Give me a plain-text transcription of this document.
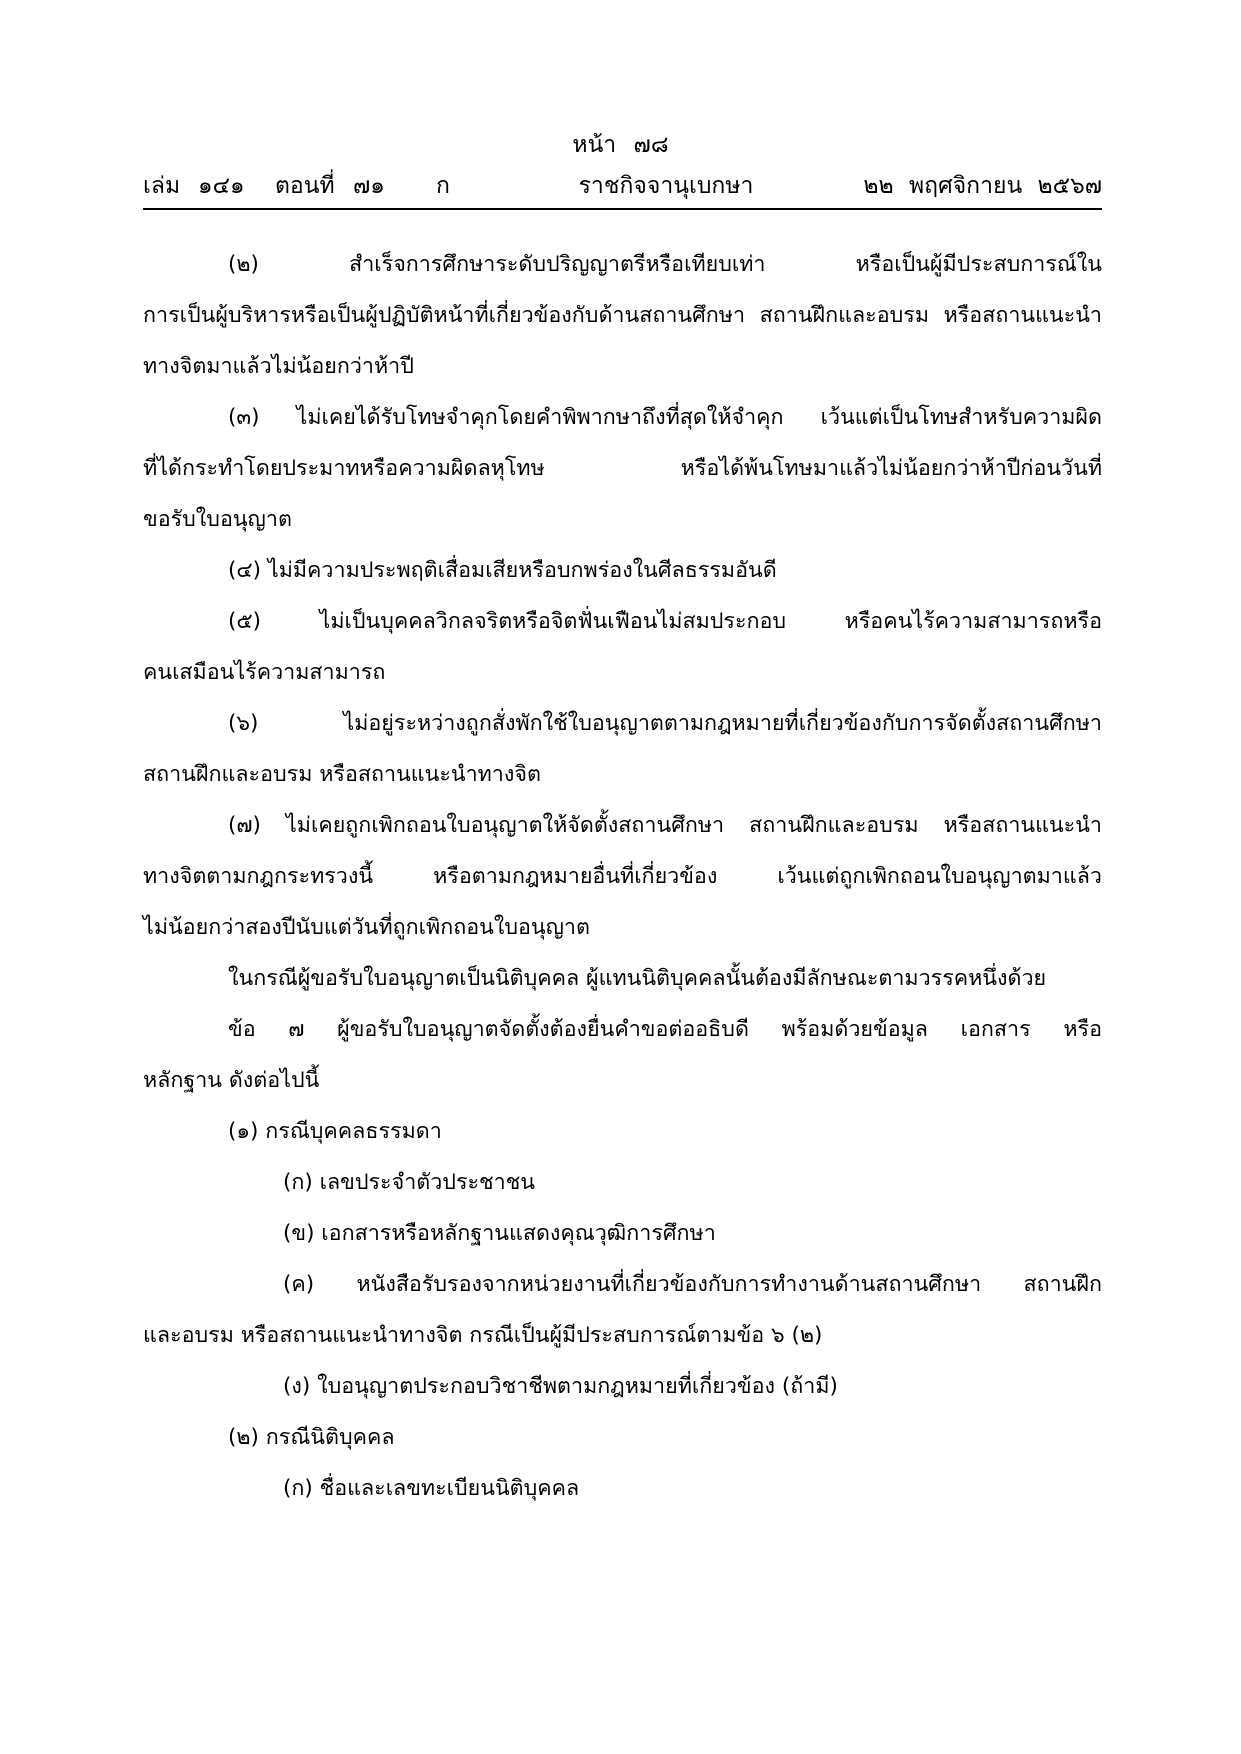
หน้า ๗๘
เล่ม ๑๔๑ ตอนที่ ๗๑ ก	ราชกิจจานุเบกษา	๒๒ พฤศจิกายน ๒๕๖๗

(๒) สำเร็จการศึกษาระดับปริญญาตรีหรือเทียบเท่า หรือเป็นผู้มีประสบการณ์ใน
การเป็นผู้บริหารหรือเป็นผู้ปฏิบัติหน้าที่เกี่ยวข้องกับด้านสถานศึกษา สถานฝึกและอบรม หรือสถานแนะนำ
ทางจิตมาแล้วไม่น้อยกว่าห้าปี

(๓) ไม่เคยได้รับโทษจำคุกโดยคำพิพากษาถึงที่สุดให้จำคุก เว้นแต่เป็นโทษสำหรับความผิด
ที่ได้กระทำโดยประมาทหรือความผิดลหุโทษ หรือได้พ้นโทษมาแล้วไม่น้อยกว่าห้าปีก่อนวันที่
ขอรับใบอนุญาต

(๔) ไม่มีความประพฤติเสื่อมเสียหรือบกพร่องในศีลธรรมอันดี

(๕) ไม่เป็นบุคคลวิกลจริตหรือจิตฟั่นเฟือนไม่สมประกอบ หรือคนไร้ความสามารถหรือ
คนเสมือนไร้ความสามารถ

(๖) ไม่อยู่ระหว่างถูกสั่งพักใช้ใบอนุญาตตามกฎหมายที่เกี่ยวข้องกับการจัดตั้งสถานศึกษา
สถานฝึกและอบรม หรือสถานแนะนำทางจิต

(๗) ไม่เคยถูกเพิกถอนใบอนุญาตให้จัดตั้งสถานศึกษา สถานฝึกและอบรม หรือสถานแนะนำ
ทางจิตตามกฎกระทรวงนี้ หรือตามกฎหมายอื่นที่เกี่ยวข้อง เว้นแต่ถูกเพิกถอนใบอนุญาตมาแล้ว
ไม่น้อยกว่าสองปีนับแต่วันที่ถูกเพิกถอนใบอนุญาต

ในกรณีผู้ขอรับใบอนุญาตเป็นนิติบุคคล ผู้แทนนิติบุคคลนั้นต้องมีลักษณะตามวรรคหนึ่งด้วย

ข้อ ๗ ผู้ขอรับใบอนุญาตจัดตั้งต้องยื่นคำขอต่ออธิบดี พร้อมด้วยข้อมูล เอกสาร หรือ
หลักฐาน ดังต่อไปนี้

(๑) กรณีบุคคลธรรมดา

(ก) เลขประจำตัวประชาชน

(ข) เอกสารหรือหลักฐานแสดงคุณวุฒิการศึกษา

(ค) หนังสือรับรองจากหน่วยงานที่เกี่ยวข้องกับการทำงานด้านสถานศึกษา สถานฝึก
และอบรม หรือสถานแนะนำทางจิต กรณีเป็นผู้มีประสบการณ์ตามข้อ ๖ (๒)

(ง) ใบอนุญาตประกอบวิชาชีพตามกฎหมายที่เกี่ยวข้อง (ถ้ามี)

(๒) กรณีนิติบุคคล

(ก) ชื่อและเลขทะเบียนนิติบุคคล
